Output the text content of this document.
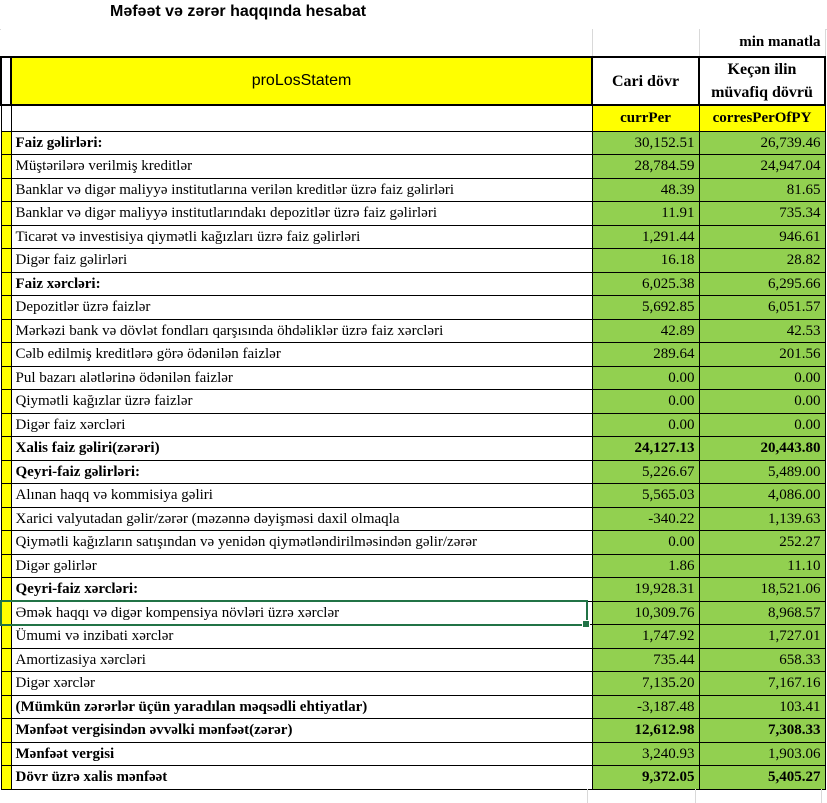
Məfəət və zərər haqqında hesabat
			min manatla
	proLosStatem	Cari dövr	Keçən ilin müvafiq dövrü
		currPer	corresPerOfPY
	Faiz gəlirləri:	30,152.51	26,739.46
	Müştərilərə verilmiş kreditlər	28,784.59	24,947.04
	Banklar və digər maliyyə institutlarına verilən kreditlər üzrə faiz gəlirləri	48.39	81.65
	Banklar və digər maliyyə institutlarındakı depozitlər üzrə faiz gəlirləri	11.91	735.34
	Ticarət və investisiya qiymətli kağızları üzrə faiz gəlirləri	1,291.44	946.61
	Digər faiz gəlirləri	16.18	28.82
	Faiz xərcləri:	6,025.38	6,295.66
	Depozitlər üzrə faizlər	5,692.85	6,051.57
	Mərkəzi bank və dövlət fondları qarşısında öhdəliklər üzrə faiz xərcləri	42.89	42.53
	Cəlb edilmiş kreditlərə görə ödənilən faizlər	289.64	201.56
	Pul bazarı alətlərinə ödənilən faizlər	0.00	0.00
	Qiymətli kağızlar üzrə faizlər	0.00	0.00
	Digər faiz xərcləri	0.00	0.00
	Xalis faiz gəliri(zərəri)	24,127.13	20,443.80
	Qeyri-faiz gəlirləri:	5,226.67	5,489.00
	Alınan haqq və kommisiya gəliri	5,565.03	4,086.00
	Xarici valyutadan gəlir/zərər (məzənnə dəyişməsi daxil olmaqla	-340.22	1,139.63
	Qiymətli kağızların satışından və yenidən qiymətləndirilməsindən gəlir/zərər	0.00	252.27
	Digər gəlirlər	1.86	11.10
	Qeyri-faiz xərcləri:	19,928.31	18,521.06
	Əmək haqqı və digər kompensiya növləri üzrə xərclər	10,309.76	8,968.57
	Ümumi və inzibati xərclər	1,747.92	1,727.01
	Amortizasiya xərcləri	735.44	658.33
	Digər xərclər	7,135.20	7,167.16
	(Mümkün zərərlər üçün yaradılan məqsədli ehtiyatlar)	-3,187.48	103.41
	Mənfəət vergisindən əvvəlki mənfəət(zərər)	12,612.98	7,308.33
	Mənfəət vergisi	3,240.93	1,903.06
	Dövr üzrə xalis mənfəət	9,372.05	5,405.27
